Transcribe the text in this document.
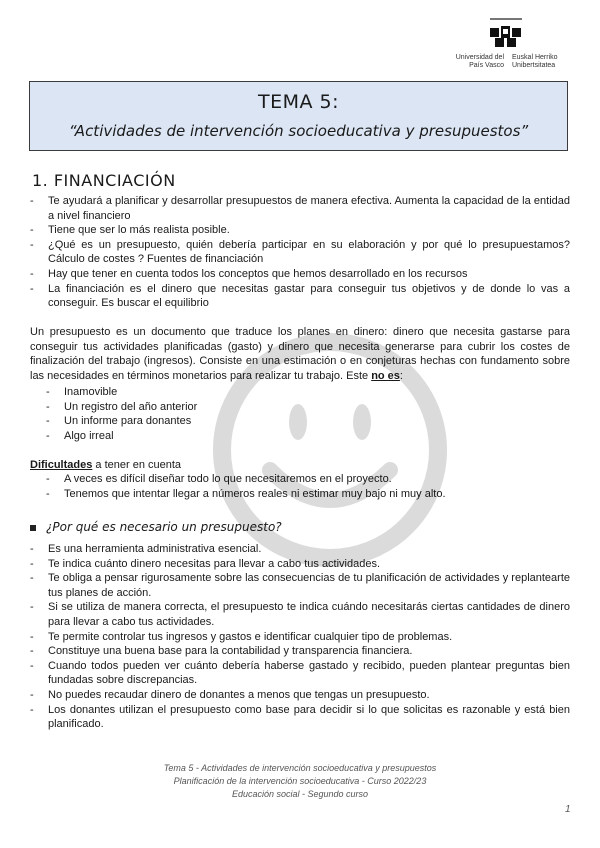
Universidad del País Vasco
Euskal Herriko Unibertsitatea
TEMA 5:
“Actividades de intervención socioeducativa y presupuestos”
1. FINANCIACIÓN
- Te ayudará a planificar y desarrollar presupuestos de manera efectiva. Aumenta la capacidad de la entidad a nivel financiero
- Tiene que ser lo más realista posible.
- ¿Qué es un presupuesto, quién debería participar en su elaboración y por qué lo presupuestamos? Cálculo de costes ? Fuentes de financiación
- Hay que tener en cuenta todos los conceptos que hemos desarrollado en los recursos
- La financiación es el dinero que necesitas gastar para conseguir tus objetivos y de donde lo vas a conseguir. Es buscar el equilibrio
Un presupuesto es un documento que traduce los planes en dinero: dinero que necesita gastarse para conseguir tus actividades planificadas (gasto) y dinero que necesita generarse para cubrir los costes de finalización del trabajo (ingresos). Consiste en una estimación o en conjeturas hechas con fundamento sobre las necesidades en términos monetarios para realizar tu trabajo. Este no es:
- Inamovible
- Un registro del año anterior
- Un informe para donantes
- Algo irreal
Dificultades a tener en cuenta
- A veces es difícil diseñar todo lo que necesitaremos en el proyecto.
- Tenemos que intentar llegar a números reales ni estimar muy bajo ni muy alto.
¿Por qué es necesario un presupuesto?
- Es una herramienta administrativa esencial.
- Te indica cuánto dinero necesitas para llevar a cabo tus actividades.
- Te obliga a pensar rigurosamente sobre las consecuencias de tu planificación de actividades y replantearte tus planes de acción.
- Si se utiliza de manera correcta, el presupuesto te indica cuándo necesitarás ciertas cantidades de dinero para llevar a cabo tus actividades.
- Te permite controlar tus ingresos y gastos e identificar cualquier tipo de problemas.
- Constituye una buena base para la contabilidad y transparencia financiera.
- Cuando todos pueden ver cuánto debería haberse gastado y recibido, pueden plantear preguntas bien fundadas sobre discrepancias.
- No puedes recaudar dinero de donantes a menos que tengas un presupuesto.
- Los donantes utilizan el presupuesto como base para decidir si lo que solicitas es razonable y está bien planificado.
Tema 5 - Actividades de intervención socioeducativa y presupuestos
Planificación de la intervención socioeducativa - Curso 2022/23
Educación social - Segundo curso
1
